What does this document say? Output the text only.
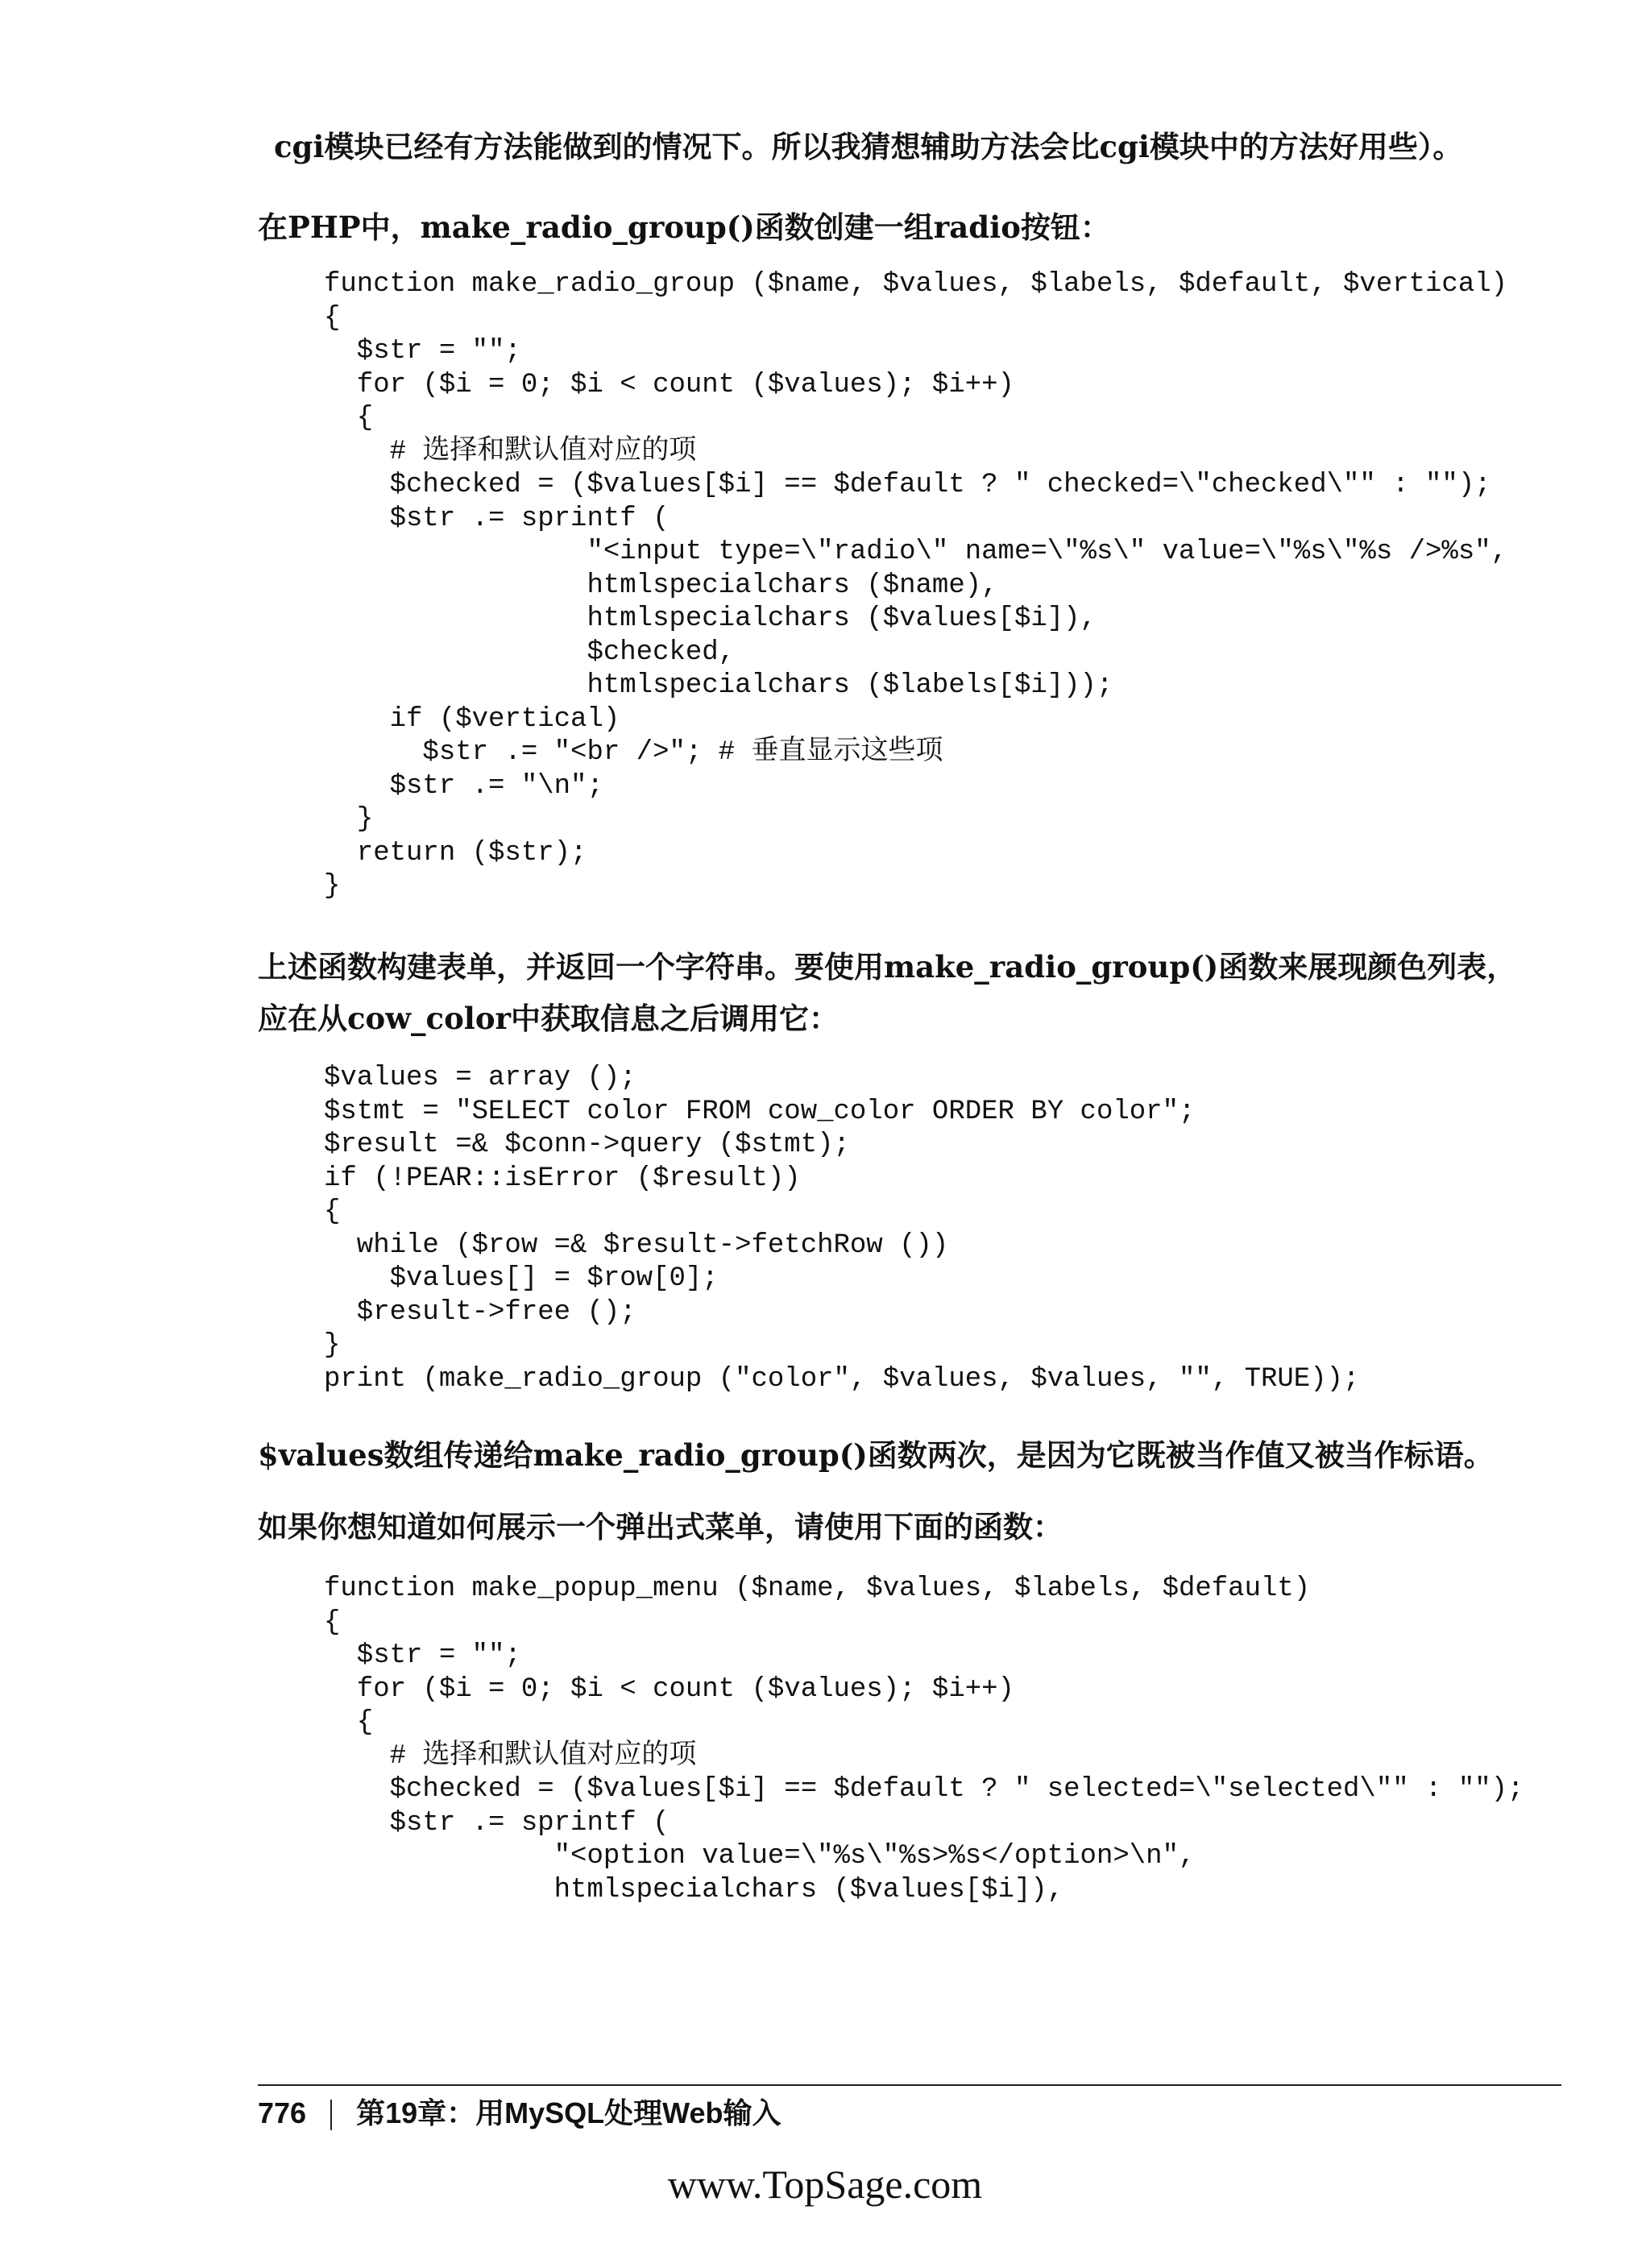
cgi模块已经有方法能做到的情况下。所以我猜想辅助方法会比cgi模块中的方法好用些）。

在PHP中，make_radio_group()函数创建一组radio按钮：

function make_radio_group ($name, $values, $labels, $default, $vertical)
{
$str = "";
for ($i = 0; $i < count ($values); $i++)
{
# 选择和默认值对应的项
$checked = ($values[$i] == $default ? " checked=\"checked\"" : "");
$str .= sprintf (
"<input type=\"radio\" name=\"%s\" value=\"%s\"%s />%s",
htmlspecialchars ($name),
htmlspecialchars ($values[$i]),
$checked,
htmlspecialchars ($labels[$i]));
if ($vertical)
$str .= "<br />"; # 垂直显示这些项
$str .= "\n";
}
return ($str);
}

上述函数构建表单，并返回一个字符串。要使用make_radio_group()函数来展现颜色列表，
应在从cow_color中获取信息之后调用它：

$values = array ();
$stmt = "SELECT color FROM cow_color ORDER BY color";
$result =& $conn->query ($stmt);
if (!PEAR::isError ($result))
{
while ($row =& $result->fetchRow ())
$values[] = $row[0];
$result->free ();
}
print (make_radio_group ("color", $values, $values, "", TRUE));

$values数组传递给make_radio_group()函数两次，是因为它既被当作值又被当作标语。

如果你想知道如何展示一个弹出式菜单，请使用下面的函数：

function make_popup_menu ($name, $values, $labels, $default)
{
$str = "";
for ($i = 0; $i < count ($values); $i++)
{
# 选择和默认值对应的项
$checked = ($values[$i] == $default ? " selected=\"selected\"" : "");
$str .= sprintf (
"<option value=\"%s\"%s>%s</option>\n",
htmlspecialchars ($values[$i]),
776 第19章：用MySQL处理Web输入
www.TopSage.com
